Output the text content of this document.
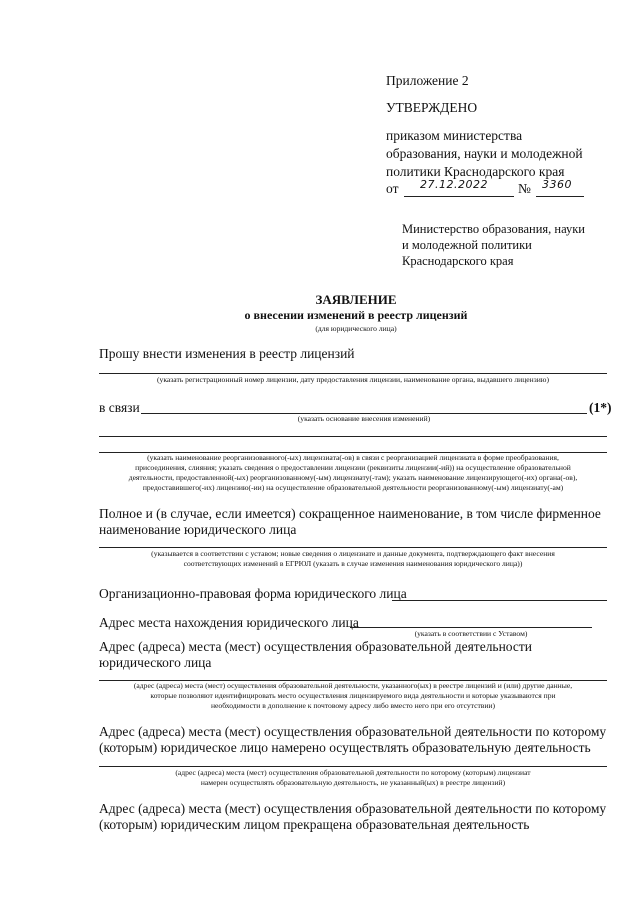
Приложение 2
УТВЕРЖДЕНО
приказом министерства
образования, науки и молодежной
политики Краснодарского края
от 27.12.2022 № 3360
Министерство образования, науки
и молодежной политики
Краснодарского края
ЗАЯВЛЕНИЕ
о внесении изменений в реестр лицензий
(для юридического лица)
Прошу внести изменения в реестр лицензий
(указать регистрационный номер лицензии, дату предоставления лицензии, наименование органа, выдавшего лицензию)
в связи	(1*)
(указать основание внесения изменений)
(указать наименование реорганизованного(-ых) лицензиата(-ов) в связи с реорганизацией лицензиата в форме преобразования,
присоединения, слияния; указать сведения о предоставлении лицензии (реквизиты лицензии(-ий)) на осуществление образовательной
деятельности, предоставленной(-ых) реорганизованному(-ым) лицензиату(-там); указать наименование лицензирующего(-их) органа(-ов),
предоставившего(-их) лицензию(-ии) на осуществление образовательной деятельности реорганизованному(-ым) лицензиату(-ам)
Полное и (в случае, если имеется) сокращенное наименование, в том числе фирменное
наименование юридического лица
(указывается в соответствии с уставом; новые сведения о лицензиате и данные документа, подтверждающего факт внесения
соответствующих изменений в ЕГРЮЛ (указать в случае изменения наименования юридического лица))
Организационно-правовая форма юридического лица
Адрес места нахождения юридического лица
(указать в соответствии с Уставом)
Адрес (адреса) места (мест) осуществления образовательной деятельности
юридического лица
(адрес (адреса) места (мест) осуществления образовательной деятельности, указанного(ых) в реестре лицензий и (или) другие данные,
которые позволяют идентифицировать место осуществления лицензируемого вида деятельности и которые указываются при
необходимости в дополнение к почтовому адресу либо вместо него при его отсутствии)
Адрес (адреса) места (мест) осуществления образовательной деятельности по которому
(которым) юридическое лицо намерено осуществлять образовательную деятельность
(адрес (адреса) места (мест) осуществления образовательной деятельности по которому (которым) лицензиат
намерен осуществлять образовательную деятельность, не указанный(ых) в реестре лицензий)
Адрес (адреса) места (мест) осуществления образовательной деятельности по которому
(которым) юридическим лицом прекращена образовательная деятельность
